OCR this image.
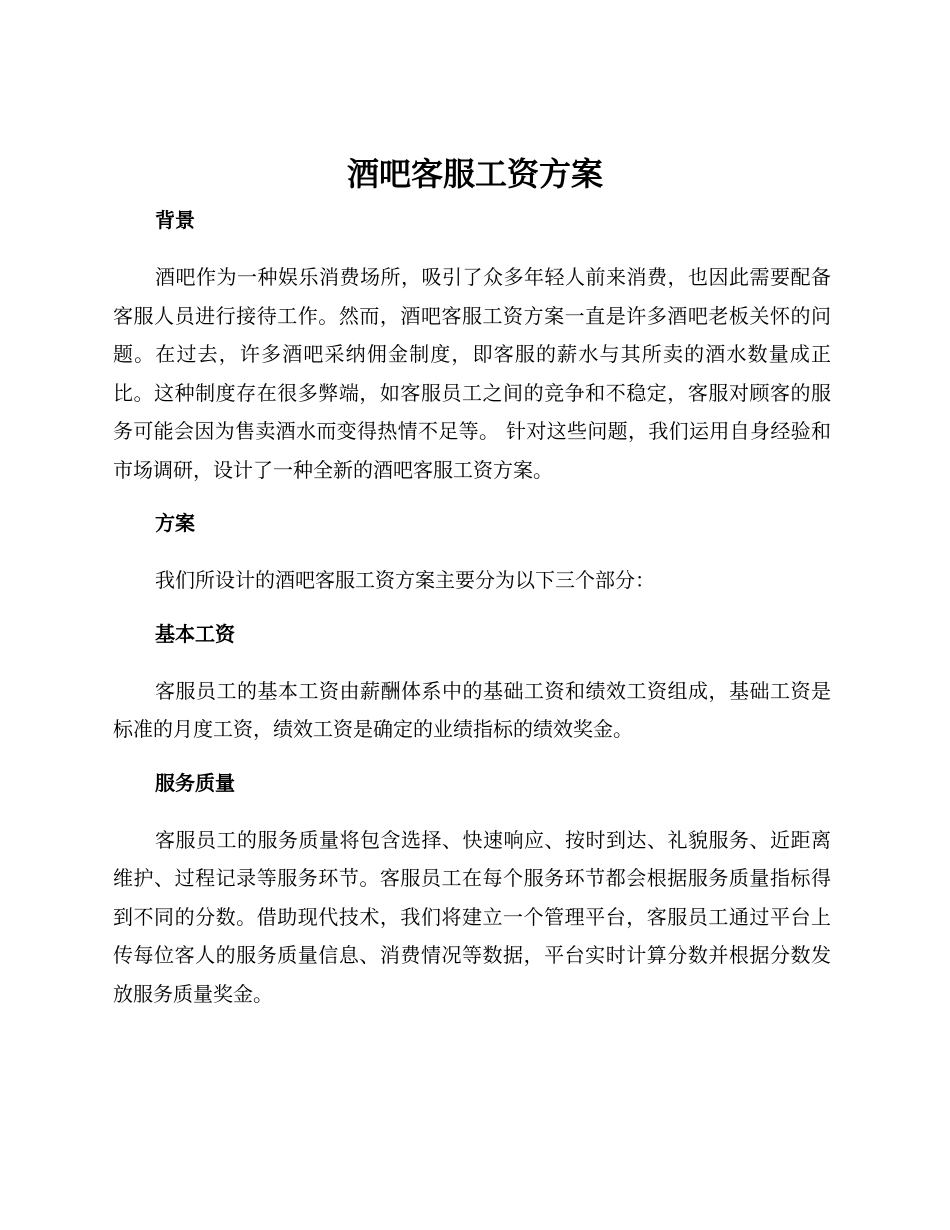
酒吧客服工资方案
背景

酒吧作为一种娱乐消费场所，吸引了众多年轻人前来消费，也因此需要配备客服人员进行接待工作。然而，酒吧客服工资方案一直是许多酒吧老板关怀的问题。在过去，许多酒吧采纳佣金制度，即客服的薪水与其所卖的酒水数量成正比。这种制度存在很多弊端，如客服员工之间的竞争和不稳定，客服对顾客的服务可能会因为售卖酒水而变得热情不足等。 针对这些问题，我们运用自身经验和市场调研，设计了一种全新的酒吧客服工资方案。

方案

我们所设计的酒吧客服工资方案主要分为以下三个部分：

基本工资

客服员工的基本工资由薪酬体系中的基础工资和绩效工资组成，基础工资是标准的月度工资，绩效工资是确定的业绩指标的绩效奖金。

服务质量

客服员工的服务质量将包含选择、快速响应、按时到达、礼貌服务、近距离维护、过程记录等服务环节。客服员工在每个服务环节都会根据服务质量指标得到不同的分数。借助现代技术，我们将建立一个管理平台，客服员工通过平台上传每位客人的服务质量信息、消费情况等数据，平台实时计算分数并根据分数发放服务质量奖金。
